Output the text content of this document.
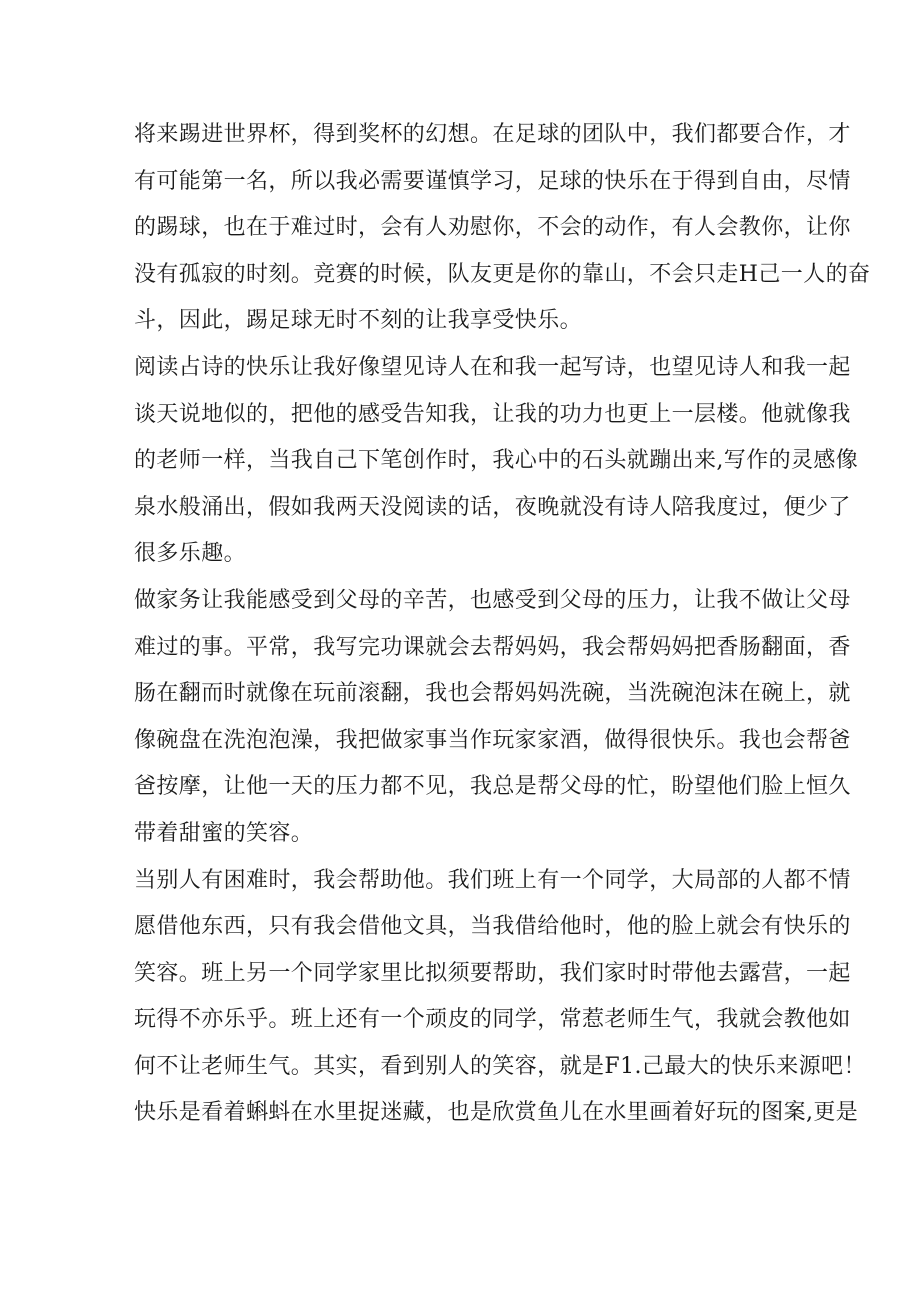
将来踢进世界杯，得到奖杯的幻想。在足球的团队中，我们都要合作，才
有可能第一名，所以我必需要谨慎学习，足球的快乐在于得到自由，尽情
的踢球，也在于难过时，会有人劝慰你，不会的动作，有人会教你，让你
没有孤寂的时刻。竞赛的时候，队友更是你的靠山，不会只走H己一人的奋
斗，因此，踢足球无时不刻的让我享受快乐。
阅读占诗的快乐让我好像望见诗人在和我一起写诗，也望见诗人和我一起
谈天说地似的，把他的感受告知我，让我的功力也更上一层楼。他就像我
的老师一样，当我自己下笔创作时，我心中的石头就蹦出来,写作的灵感像
泉水般涌出，假如我两天没阅读的话，夜晚就没有诗人陪我度过，便少了
很多乐趣。
做家务让我能感受到父母的辛苦，也感受到父母的压力，让我不做让父母
难过的事。平常，我写完功课就会去帮妈妈，我会帮妈妈把香肠翻面，香
肠在翻而时就像在玩前滚翻，我也会帮妈妈洗碗，当洗碗泡沫在碗上，就
像碗盘在洗泡泡澡，我把做家事当作玩家家酒，做得很快乐。我也会帮爸
爸按摩，让他一天的压力都不见，我总是帮父母的忙，盼望他们脸上恒久
带着甜蜜的笑容。
当别人有困难时，我会帮助他。我们班上有一个同学，大局部的人都不情
愿借他东西，只有我会借他文具，当我借给他时，他的脸上就会有快乐的
笑容。班上另一个同学家里比拟须要帮助，我们家时时带他去露营，一起
玩得不亦乐乎。班上还有一个顽皮的同学，常惹老师生气，我就会教他如
何不让老师生气。其实，看到别人的笑容，就是F1.己最大的快乐来源吧！
快乐是看着蝌蚪在水里捉迷藏，也是欣赏鱼儿在水里画着好玩的图案,更是
